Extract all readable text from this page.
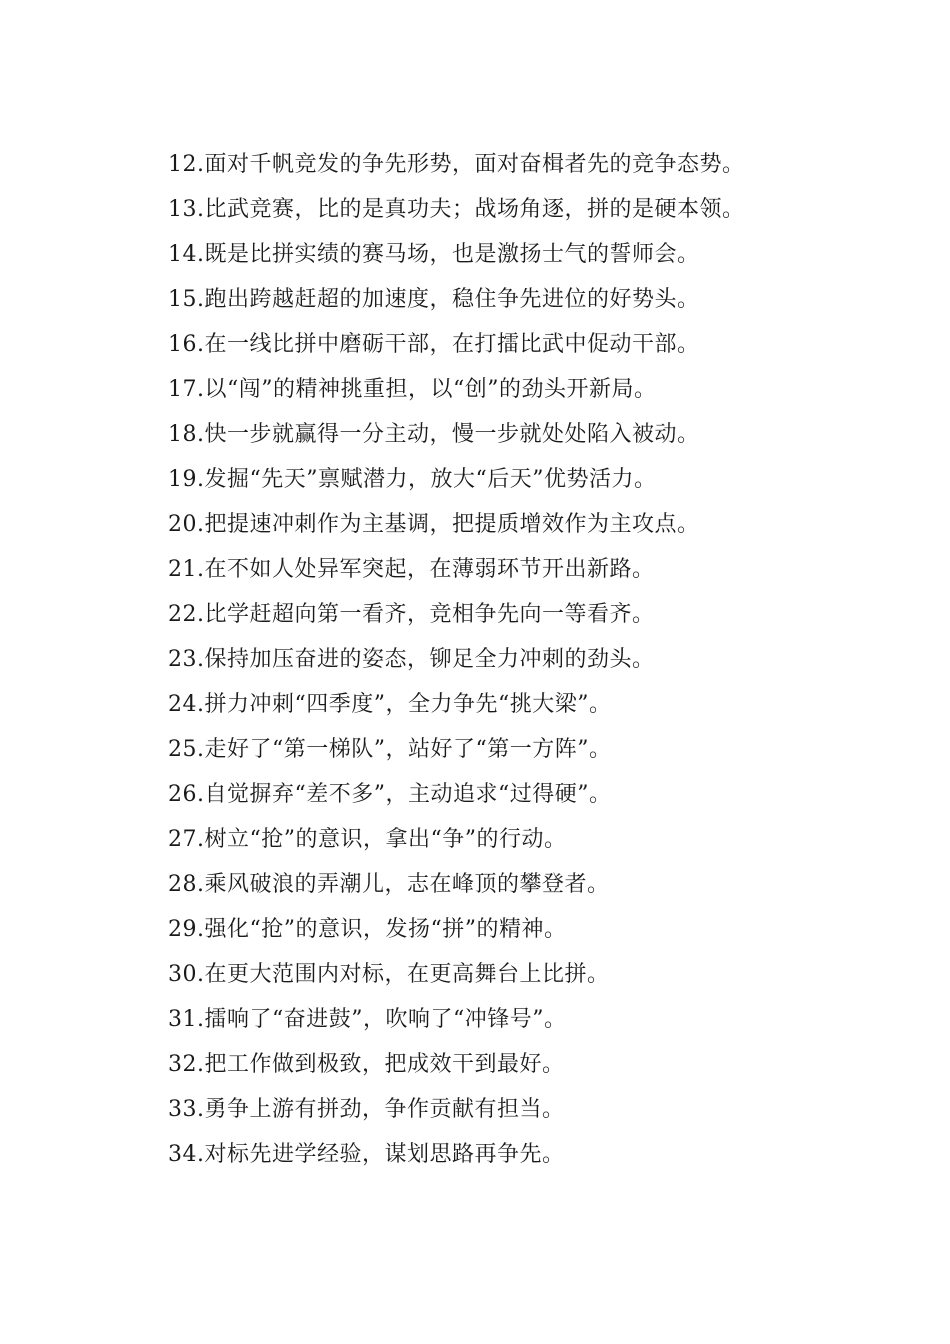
12.面对千帆竞发的争先形势，面对奋楫者先的竞争态势。
13.比武竞赛，比的是真功夫；战场角逐，拼的是硬本领。
14.既是比拼实绩的赛马场，也是激扬士气的誓师会。
15.跑出跨越赶超的加速度，稳住争先进位的好势头。
16.在一线比拼中磨砺干部，在打擂比武中促动干部。
17.以“闯”的精神挑重担，以“创”的劲头开新局。
18.快一步就赢得一分主动，慢一步就处处陷入被动。
19.发掘“先天”禀赋潜力，放大“后天”优势活力。
20.把提速冲刺作为主基调，把提质增效作为主攻点。
21.在不如人处异军突起，在薄弱环节开出新路。
22.比学赶超向第一看齐，竞相争先向一等看齐。
23.保持加压奋进的姿态，铆足全力冲刺的劲头。
24.拼力冲刺“四季度”，全力争先“挑大梁”。
25.走好了“第一梯队”，站好了“第一方阵”。
26.自觉摒弃“差不多”，主动追求“过得硬”。
27.树立“抢”的意识，拿出“争”的行动。
28.乘风破浪的弄潮儿，志在峰顶的攀登者。
29.强化“抢”的意识，发扬“拼”的精神。
30.在更大范围内对标，在更高舞台上比拼。
31.擂响了“奋进鼓”，吹响了“冲锋号”。
32.把工作做到极致，把成效干到最好。
33.勇争上游有拼劲，争作贡献有担当。
34.对标先进学经验，谋划思路再争先。
